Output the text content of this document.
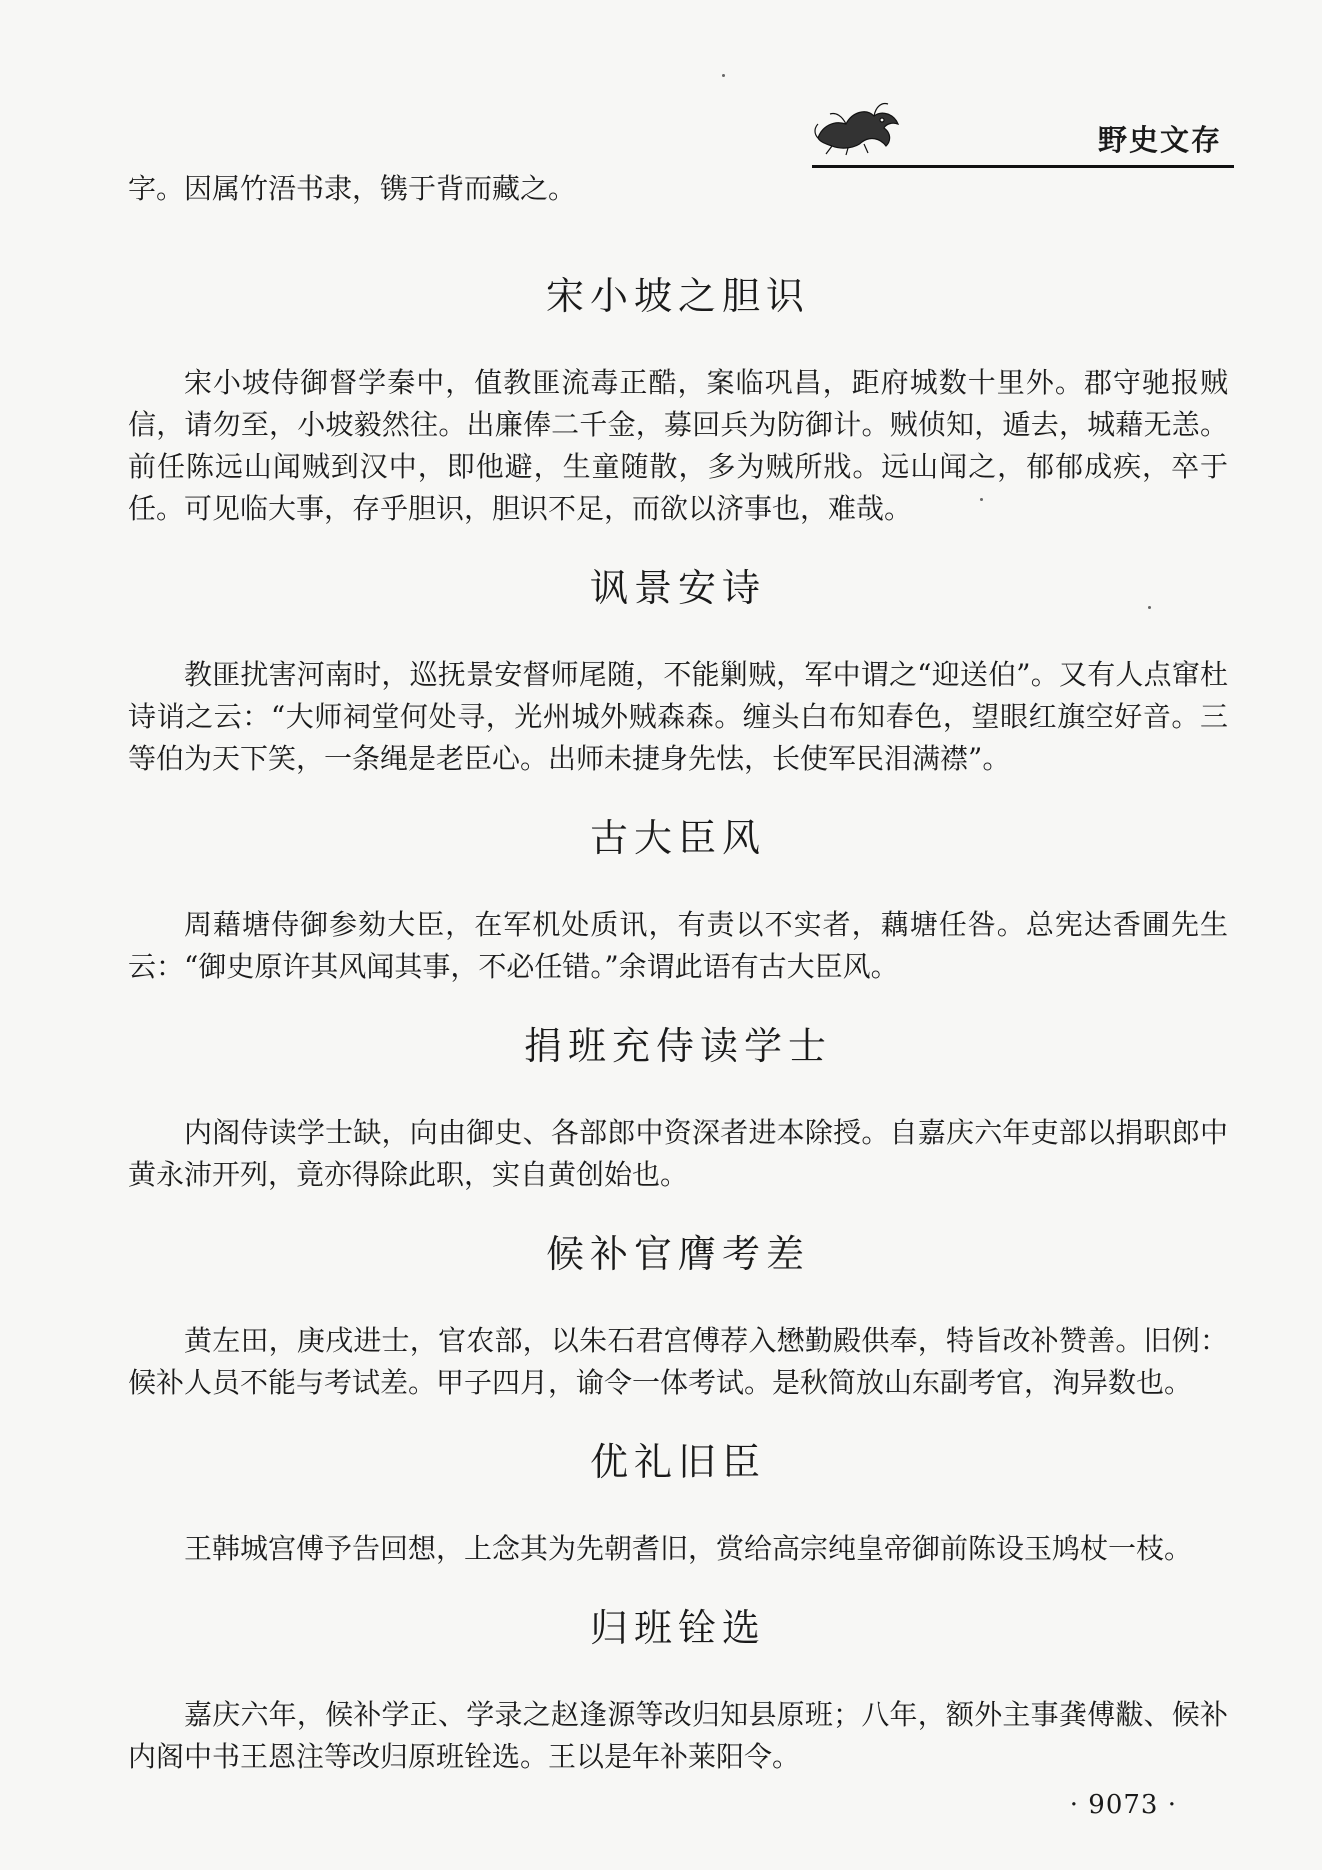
野史文存

字。因属竹浯书隶，镌于背而藏之。

宋小坡之胆识

宋小坡侍御督学秦中，值教匪流毒正酷，案临巩昌，距府城数十里外。郡守驰报贼信，请勿至，小坡毅然往。出廉俸二千金，募回兵为防御计。贼侦知，遁去，城藉无恙。前任陈远山闻贼到汉中，即他避，生童随散，多为贼所戕。远山闻之，郁郁成疾，卒于任。可见临大事，存乎胆识，胆识不足，而欲以济事也，难哉。

讽景安诗

教匪扰害河南时，巡抚景安督师尾随，不能剿贼，军中谓之“迎送伯”。又有人点窜杜诗诮之云：“大师祠堂何处寻，光州城外贼森森。缠头白布知春色，望眼红旗空好音。三等伯为天下笑，一条绳是老臣心。出师未捷身先怯，长使军民泪满襟”。

古大臣风

周藉塘侍御参劾大臣，在军机处质讯，有责以不实者，藕塘任咎。总宪达香圃先生云：“御史原许其风闻其事，不必任错。”余谓此语有古大臣风。

捐班充侍读学士

内阁侍读学士缺，向由御史、各部郎中资深者进本除授。自嘉庆六年吏部以捐职郎中黄永沛开列，竟亦得除此职，实自黄创始也。

候补官膺考差

黄左田，庚戌进士，官农部，以朱石君宫傅荐入懋勤殿供奉，特旨改补赞善。旧例：候补人员不能与考试差。甲子四月，谕令一体考试。是秋简放山东副考官，洵异数也。

优礼旧臣

王韩城宫傅予告回想，上念其为先朝耆旧，赏给高宗纯皇帝御前陈设玉鸠杖一枝。

归班铨选

嘉庆六年，候补学正、学录之赵逢源等改归知县原班；八年，额外主事龚傅黻、候补内阁中书王恩注等改归原班铨选。王以是年补莱阳令。

· 9073 ·
